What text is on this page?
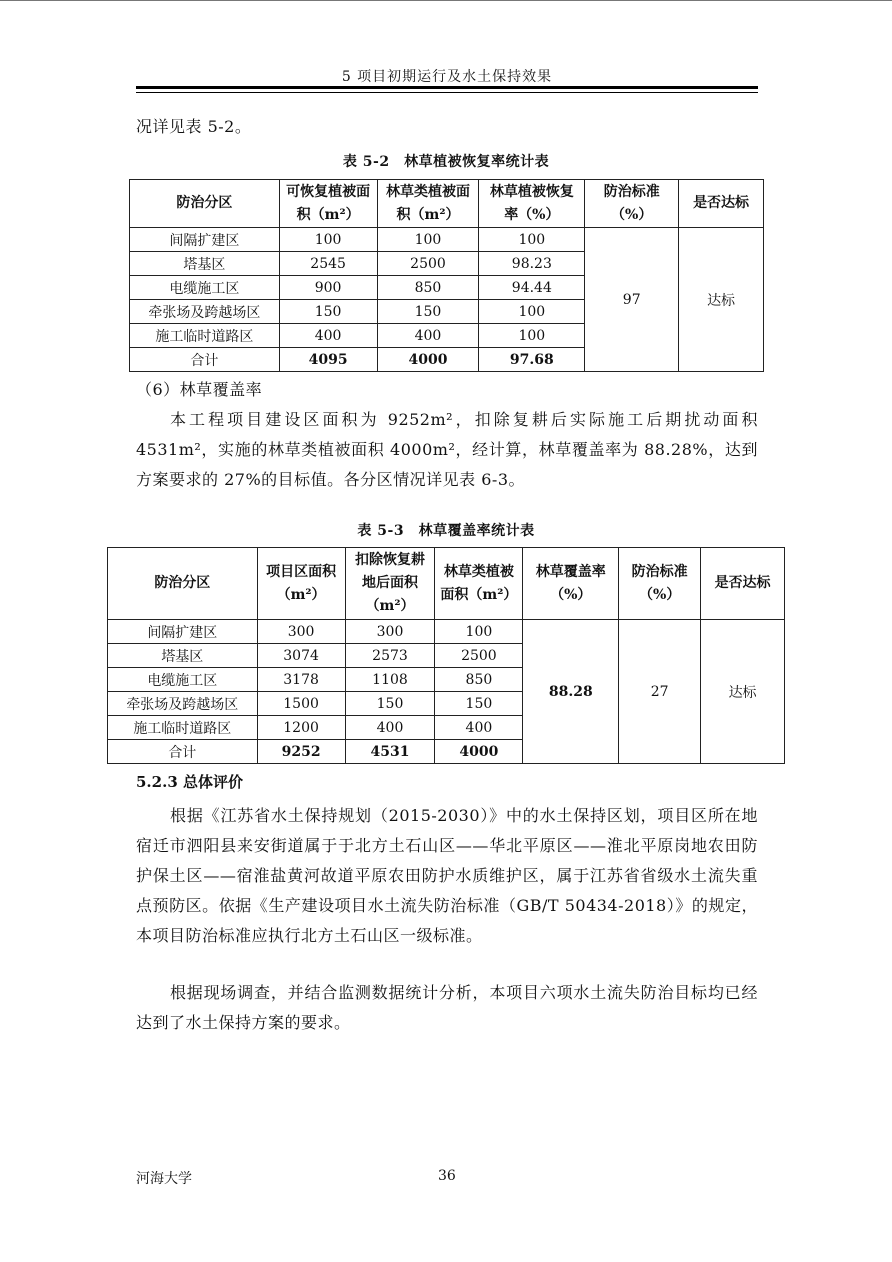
5 项目初期运行及水土保持效果
况详见表 5-2。
表 5-2　林草植被恢复率统计表
防治分区	可恢复植被面积（m²）	林草类植被面积（m²）	林草植被恢复率（%）	防治标准（%）	是否达标
间隔扩建区	100	100	100	97	达标
塔基区	2545	2500	98.23		
电缆施工区	900	850	94.44		
牵张场及跨越场区	150	150	100		
施工临时道路区	400	400	100		
合计	4095	4000	97.68		
（6）林草覆盖率
本工程项目建设区面积为 9252m²，扣除复耕后实际施工后期扰动面积 4531m²，实施的林草类植被面积 4000m²，经计算，林草覆盖率为 88.28%，达到方案要求的 27%的目标值。各分区情况详见表 6-3。
表 5-3　林草覆盖率统计表
防治分区	项目区面积（m²）	扣除恢复耕地后面积（m²）	林草类植被面积（m²）	林草覆盖率（%）	防治标准（%）	是否达标
间隔扩建区	300	300	100	88.28	27	达标
塔基区	3074	2573	2500			
电缆施工区	3178	1108	850			
牵张场及跨越场区	1500	150	150			
施工临时道路区	1200	400	400			
合计	9252	4531	4000			
5.2.3 总体评价
根据《江苏省水土保持规划（2015-2030）》中的水土保持区划，项目区所在地宿迁市泗阳县来安街道属于于北方土石山区——华北平原区——淮北平原岗地农田防护保土区——宿淮盐黄河故道平原农田防护水质维护区，属于江苏省省级水土流失重点预防区。依据《生产建设项目水土流失防治标准（GB/T 50434-2018）》的规定，本项目防治标准应执行北方土石山区一级标准。
根据现场调查，并结合监测数据统计分析，本项目六项水土流失防治目标均已经达到了水土保持方案的要求。
河海大学	36
